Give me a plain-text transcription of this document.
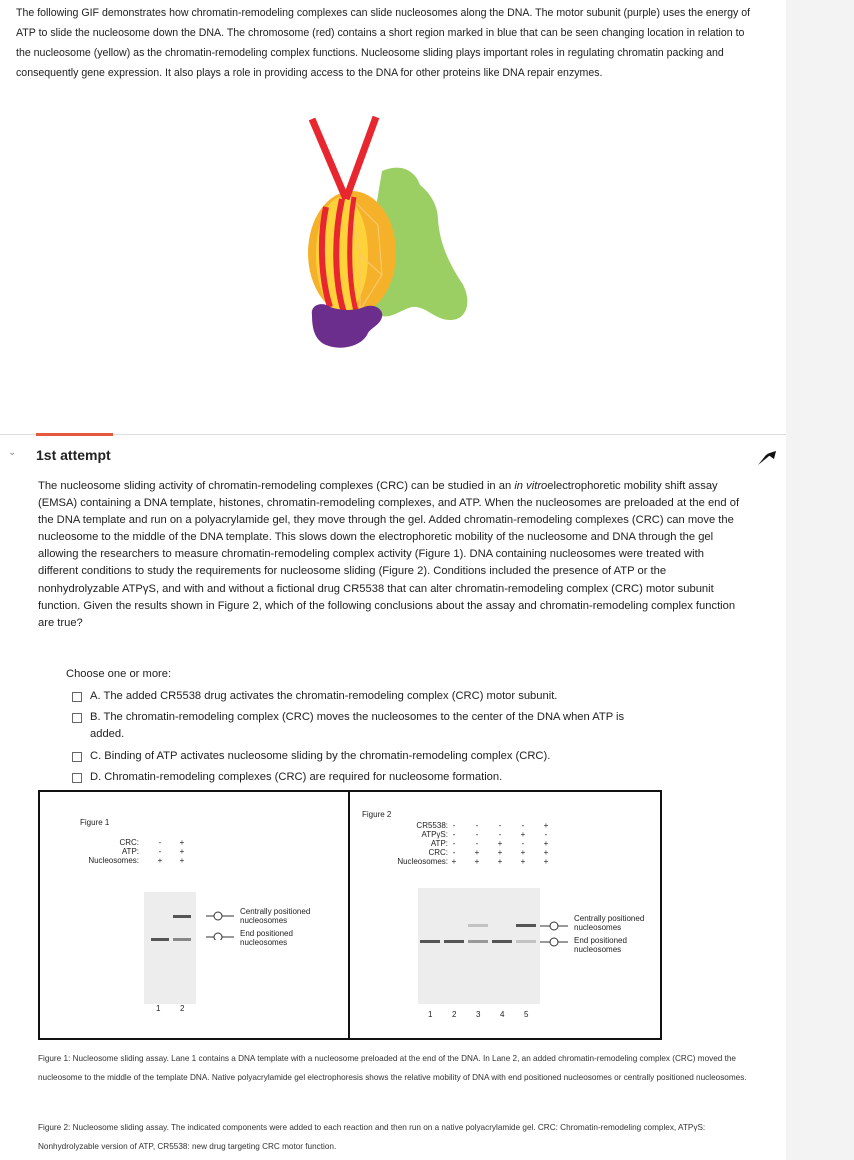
The following GIF demonstrates how chromatin-remodeling complexes can slide nucleosomes along the DNA. The motor subunit (purple) uses the energy of ATP to slide the nucleosome down the DNA. The chromosome (red) contains a short region marked in blue that can be seen changing location in relation to the nucleosome (yellow) as the chromatin-remodeling complex functions. Nucleosome sliding plays important roles in regulating chromatin packing and consequently gene expression. It also plays a role in providing access to the DNA for other proteins like DNA repair enzymes.
⌄ 1st attempt
The nucleosome sliding activity of chromatin-remodeling complexes (CRC) can be studied in an in vitroelectrophoretic mobility shift assay (EMSA) containing a DNA template, histones, chromatin-remodeling complexes, and ATP. When the nucleosomes are preloaded at the end of the DNA template and run on a polyacrylamide gel, they move through the gel. Added chromatin-remodeling complexes (CRC) can move the nucleosome to the middle of the DNA template. This slows down the electrophoretic mobility of the nucleosome and DNA through the gel allowing the researchers to measure chromatin-remodeling complex activity (Figure 1). DNA containing nucleosomes were treated with different conditions to study the requirements for nucleosome sliding (Figure 2). Conditions included the presence of ATP or the nonhydrolyzable ATPγS, and with and without a fictional drug CR5538 that can alter chromatin-remodeling complex (CRC) motor subunit function. Given the results shown in Figure 2, which of the following conclusions about the assay and chromatin-remodeling complex function are true?
Choose one or more:
A. The added CR5538 drug activates the chromatin-remodeling complex (CRC) motor subunit.
B. The chromatin-remodeling complex (CRC) moves the nucleosomes to the center of the DNA when ATP is added.
C. Binding of ATP activates nucleosome sliding by the chromatin-remodeling complex (CRC).
D. Chromatin-remodeling complexes (CRC) are required for nucleosome formation.
Figure 1
CRC:
ATP:
Nucleosomes:
-
-
+
+
+
+
Centrally positioned
nucleosomes
End positioned
nucleosomes
1 2
Figure 2
CR5538:
ATPγS:
ATP:
CRC:
Nucleosomes:
-
-
-
-
+
-
-
-
+
+
-
-
+
+
+
-
+
-
+
+
+
-
+
+
+
Centrally positioned
nucleosomes
End positioned
nucleosomes
1 2 3 4 5
Figure 1: Nucleosome sliding assay. Lane 1 contains a DNA template with a nucleosome preloaded at the end of the DNA. In Lane 2, an added chromatin-remodeling complex (CRC) moved the nucleosome to the middle of the template DNA. Native polyacrylamide gel electrophoresis shows the relative mobility of DNA with end positioned nucleosomes or centrally positioned nucleosomes.
Figure 2: Nucleosome sliding assay. The indicated components were added to each reaction and then run on a native polyacrylamide gel. CRC: Chromatin-remodeling complex, ATPγS: Nonhydrolyzable version of ATP, CR5538: new drug targeting CRC motor function.
